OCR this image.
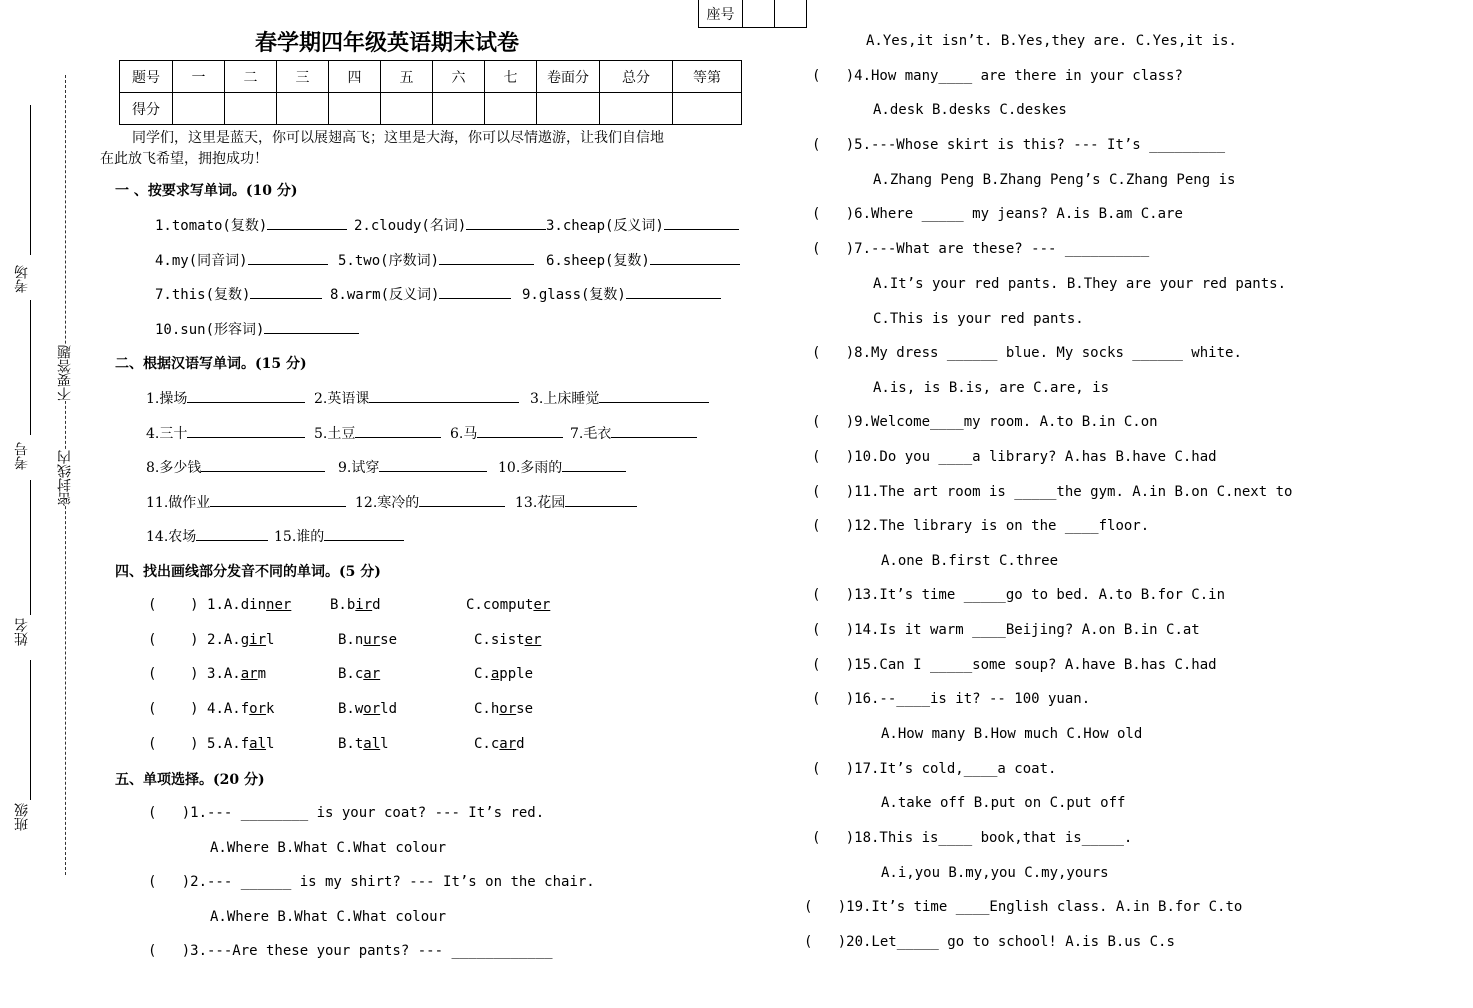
座号		
春学期四年级英语期末试卷
题号	一	二	三	四	五	六	七	卷面分	总分	等第
得分										
同学们，这里是蓝天，你可以展翅高飞；这里是大海，你可以尽情遨游，让我们自信地
在此放飞希望，拥抱成功！
考场
不要答题
考号 密封线内
姓名
班级
一 、按要求写单词。(10 分)
1.tomato(复数)	2.cloudy(名词)	3.cheap(反义词)
4.my(同音词)	5.two(序数词)	6.sheep(复数)
7.this(复数)	8.warm(反义词)	9.glass(复数)
10.sun(形容词)
二、根据汉语写单词。(15 分)
1.操场	2.英语课	3.上床睡觉
4.三十	5.土豆	6.马	7.毛衣
8.多少钱	9.试穿	10.多雨的
11.做作业	12.寒冷的	13.花园
14.农场	15.谁的
四、找出画线部分发音不同的单词。(5 分)
(    ) 1.A.dinner	B.bird	C.computer
(    ) 2.A.girl	B.nurse	C.sister
(    ) 3.A.arm	B.car	C.apple
(    ) 4.A.fork	B.world	C.horse
(    ) 5.A.fall	B.tall	C.card
五、单项选择。(20 分)
(   )1.--- ________ is your coat? --- It’s red.
A.Where B.What C.What colour
(   )2.--- ______ is my shirt? --- It’s on the chair.
A.Where B.What C.What colour
(   )3.---Are these your pants? --- ____________
A.Yes,it isn’t. B.Yes,they are. C.Yes,it is.
(   )4.How many____ are there in your class?
A.desk B.desks C.deskes
(   )5.---Whose skirt is this? --- It’s _________
A.Zhang Peng B.Zhang Peng’s C.Zhang Peng is
(   )6.Where _____ my jeans? A.is B.am C.are
(   )7.---What are these? --- __________
A.It’s your red pants. B.They are your red pants.
C.This is your red pants.
(   )8.My dress ______ blue. My socks ______ white.
A.is, is B.is, are C.are, is
(   )9.Welcome____my room. A.to B.in C.on
(   )10.Do you ____a library? A.has B.have C.had
(   )11.The art room is _____the gym. A.in B.on C.next to
(   )12.The library is on the ____floor.
A.one B.first C.three
(   )13.It’s time _____go to bed. A.to B.for C.in
(   )14.Is it warm ____Beijing? A.on B.in C.at
(   )15.Can I _____some soup? A.have B.has C.had
(   )16.--____is it? -- 100 yuan.
A.How many B.How much C.How old
(   )17.It’s cold,____a coat.
A.take off B.put on C.put off
(   )18.This is____ book,that is_____.
A.i,you B.my,you C.my,yours
(   )19.It’s time ____English class. A.in B.for C.to
(   )20.Let_____ go to school! A.is B.us C.s
